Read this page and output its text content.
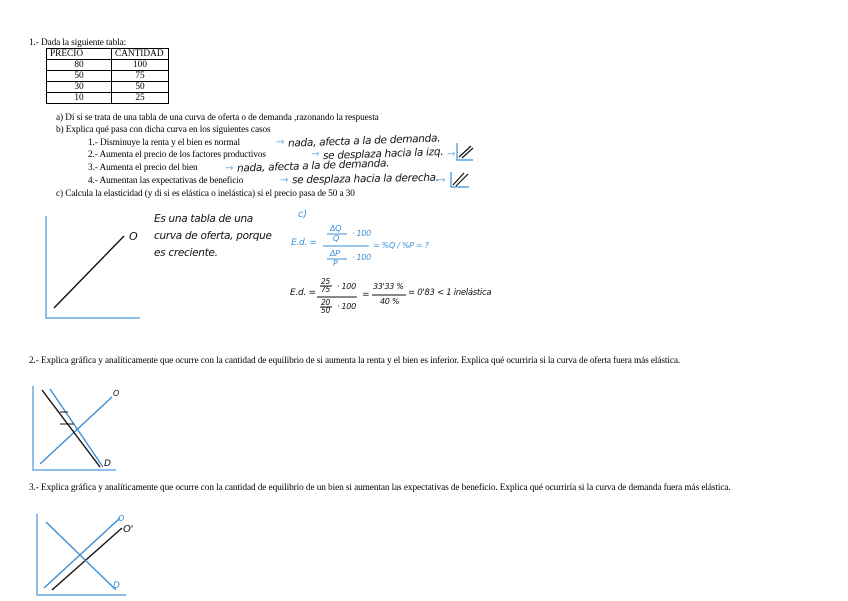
1.- Dada la siguiente tabla:
PRECIO	CANTIDAD
80	100
50	75
30	50
10	25
a) Di si se trata de una tabla de una curva de oferta o de demanda ,razonando la respuesta
b) Explica qué pasa con dicha curva en los siguientes casos
1.- Disminuye la renta y el bien es normal	⇾ nada, afecta a la de demanda.
2.- Aumenta el precio de los factores productivos	⇾ se desplaza hacia la izq. ⇾
3.- Aumenta el precio del bien	⇾ nada, afecta a la de demanda.
4.- Aumentan las expectativas de beneficio	⇾ se desplaza hacia la derecha.
⇾
c) Calcula la elasticidad (y di si es elástica o inelástica) si el precio pasa de 50 a 30
O
Es una tabla de una
curva de oferta, porque
es creciente.
c)
E.d. =
ΔQ
· 100
Q
ΔP · 100
P
= %Q / %P = ?
E.d. =
25
75 · 100
20
50 · 100
=
33'33 %
40 %
= 0'83 < 1 inelástica
2.- Explica gráfica y analíticamente que ocurre con la cantidad de equilibrio de si aumenta la renta y el bien es inferior. Explica qué ocurriría si la curva de oferta fuera más elástica.
O
D
3.- Explica gráfica y analíticamente que ocurre con la cantidad de equilibrio de un bien si aumentan las expectativas de beneficio. Explica qué ocurriría si la curva de demanda fuera más elástica.
O
O'
D
